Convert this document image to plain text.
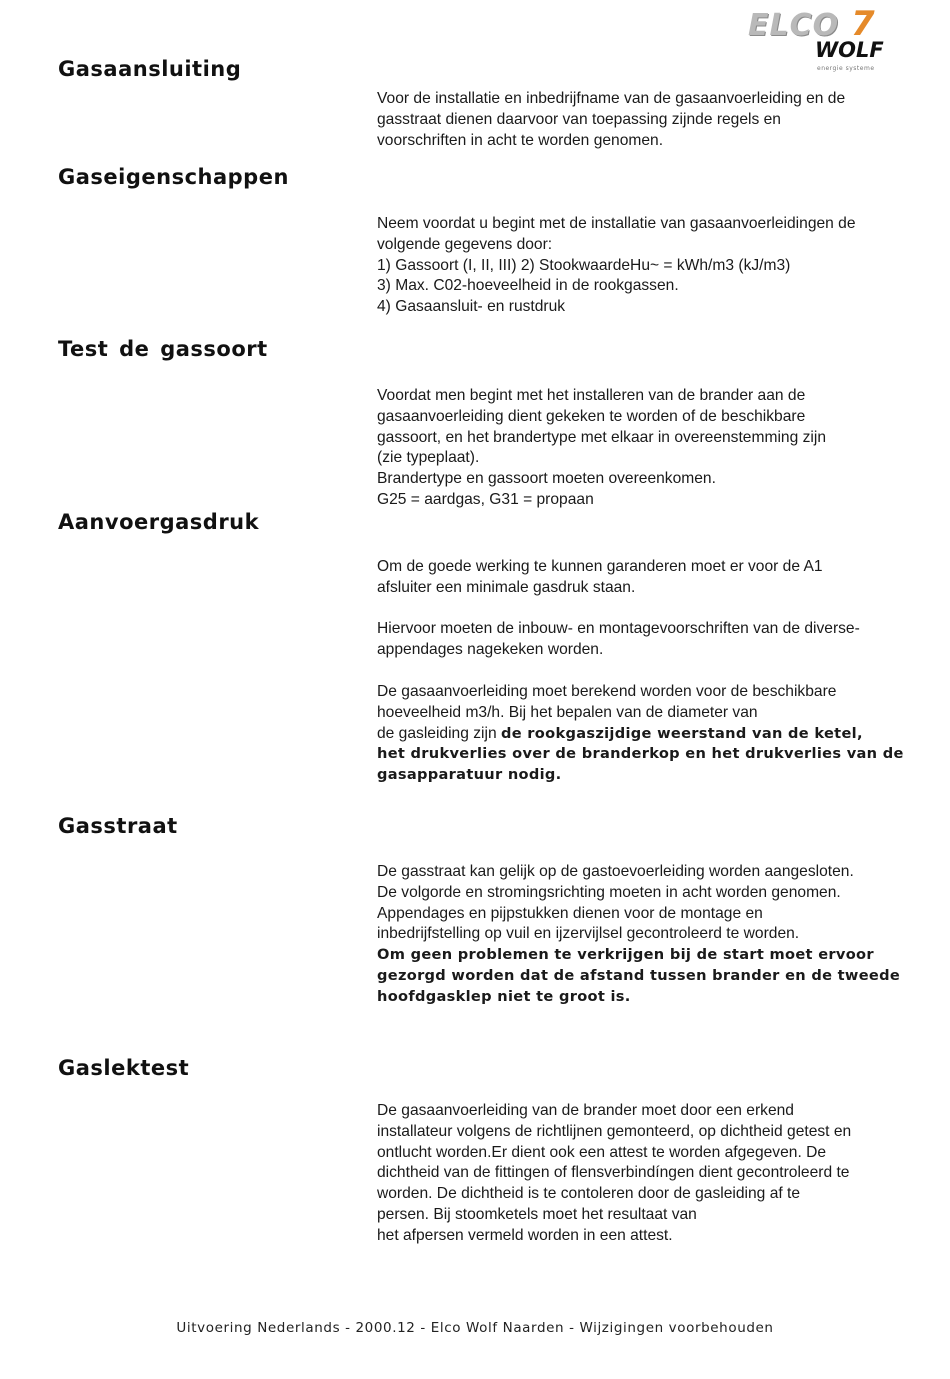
ELCO 7
WOLF
energie systeme
Gasaansluiting
Voor de installatie en inbedrijfname van de gasaanvoerleiding en de
gasstraat dienen daarvoor van toepassing zijnde regels en
voorschriften in acht te worden genomen.
Gaseigenschappen
Neem voordat u begint met de installatie van gasaanvoerleidingen de
volgende gegevens door:
1) Gassoort (I, II, III) 2) StookwaardeHu~ = kWh/m3 (kJ/m3)
3) Max. C02-hoeveelheid in de rookgassen.
4) Gasaansluit- en rustdruk
Test de gassoort
Voordat men begint met het installeren van de brander aan de
gasaanvoerleiding dient gekeken te worden of de beschikbare
gassoort, en het brandertype met elkaar in overeenstemming zijn
(zie typeplaat).
Brandertype en gassoort moeten overeenkomen.
G25 = aardgas, G31 = propaan
Aanvoergasdruk
Om de goede werking te kunnen garanderen moet er voor de A1
afsluiter een minimale gasdruk staan.
Hiervoor moeten de inbouw- en montagevoorschriften van de diverse-
appendages nagekeken worden.
De gasaanvoerleiding moet berekend worden voor de beschikbare
hoeveelheid m3/h. Bij het bepalen van de diameter van
de gasleiding zijn de rookgaszijdige weerstand van de ketel,
het drukverlies over de branderkop en het drukverlies van de
gasapparatuur nodig.
Gasstraat
De gasstraat kan gelijk op de gastoevoerleiding worden aangesloten.
De volgorde en stromingsrichting moeten in acht worden genomen.
Appendages en pijpstukken dienen voor de montage en
inbedrijfstelling op vuil en ijzervijlsel gecontroleerd te worden.
Om geen problemen te verkrijgen bij de start moet ervoor
gezorgd worden dat de afstand tussen brander en de tweede
hoofdgasklep niet te groot is.
Gaslektest
De gasaanvoerleiding van de brander moet door een erkend
installateur volgens de richtlijnen gemonteerd, op dichtheid getest en
ontlucht worden.Er dient ook een attest te worden afgegeven. De
dichtheid van de fittingen of flensverbindíngen dient gecontroleerd te
worden. De dichtheid is te contoleren door de gasleiding af te
persen. Bij stoomketels moet het resultaat van
het afpersen vermeld worden in een attest.
Uitvoering Nederlands - 2000.12 - Elco Wolf Naarden - Wijzigingen voorbehouden
